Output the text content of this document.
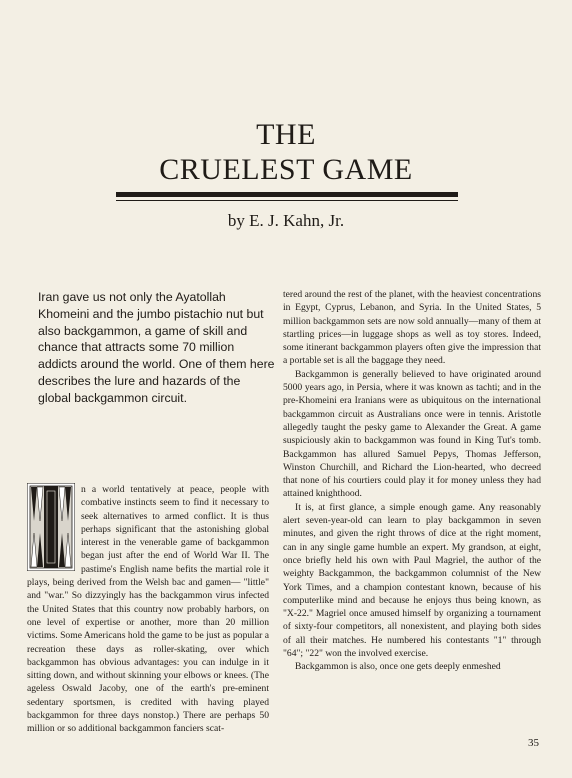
THE
CRUELEST GAME
by E. J. Kahn, Jr.

Iran gave us not only the Ayatollah Khomeini and the jumbo pistachio nut but also backgammon, a game of skill and chance that attracts some 70 million addicts around the world. One of them here describes the lure and hazards of the global backgammon circuit.

n a world tentatively at peace, people with combative instincts seem to find it necessary to seek alternatives to armed conflict. It is thus perhaps significant that the astonishing global interest in the venerable game of backgammon began just after the end of World War II. The pastime's English name befits the martial role it plays, being derived from the Welsh bac and gamen— "little" and "war." So dizzyingly has the backgammon virus infected the United States that this country now probably harbors, on one level of expertise or another, more than 20 million victims. Some Americans hold the game to be just as popular a recreation these days as roller-skating, over which backgammon has obvious advantages: you can indulge in it sitting down, and without skinning your elbows or knees. (The ageless Oswald Jacoby, one of the earth's pre-eminent sedentary sportsmen, is credited with having played backgammon for three days nonstop.) There are perhaps 50 million or so additional backgammon fanciers scat-

tered around the rest of the planet, with the heaviest concentrations in Egypt, Cyprus, Lebanon, and Syria. In the United States, 5 million backgammon sets are now sold annually—many of them at startling prices—in luggage shops as well as toy stores. Indeed, some itinerant backgammon players often give the impression that a portable set is all the baggage they need.

Backgammon is generally believed to have originated around 5000 years ago, in Persia, where it was known as tachti; and in the pre-Khomeini era Iranians were as ubiquitous on the international backgammon circuit as Australians once were in tennis. Aristotle allegedly taught the pesky game to Alexander the Great. A game suspiciously akin to backgammon was found in King Tut's tomb. Backgammon has allured Samuel Pepys, Thomas Jefferson, Winston Churchill, and Richard the Lion-hearted, who decreed that none of his courtiers could play it for money unless they had attained knighthood.

It is, at first glance, a simple enough game. Any reasonably alert seven-year-old can learn to play backgammon in seven minutes, and given the right throws of dice at the right moment, can in any single game humble an expert. My grandson, at eight, once briefly held his own with Paul Magriel, the author of the weighty Backgammon, the backgammon columnist of the New York Times, and a champion contestant known, because of his computerlike mind and because he enjoys thus being known, as "X-22." Magriel once amused himself by organizing a tournament of sixty-four competitors, all nonexistent, and playing both sides of all their matches. He numbered his contestants "1" through "64"; "22" won the involved exercise.

Backgammon is also, once one gets deeply enmeshed

35
